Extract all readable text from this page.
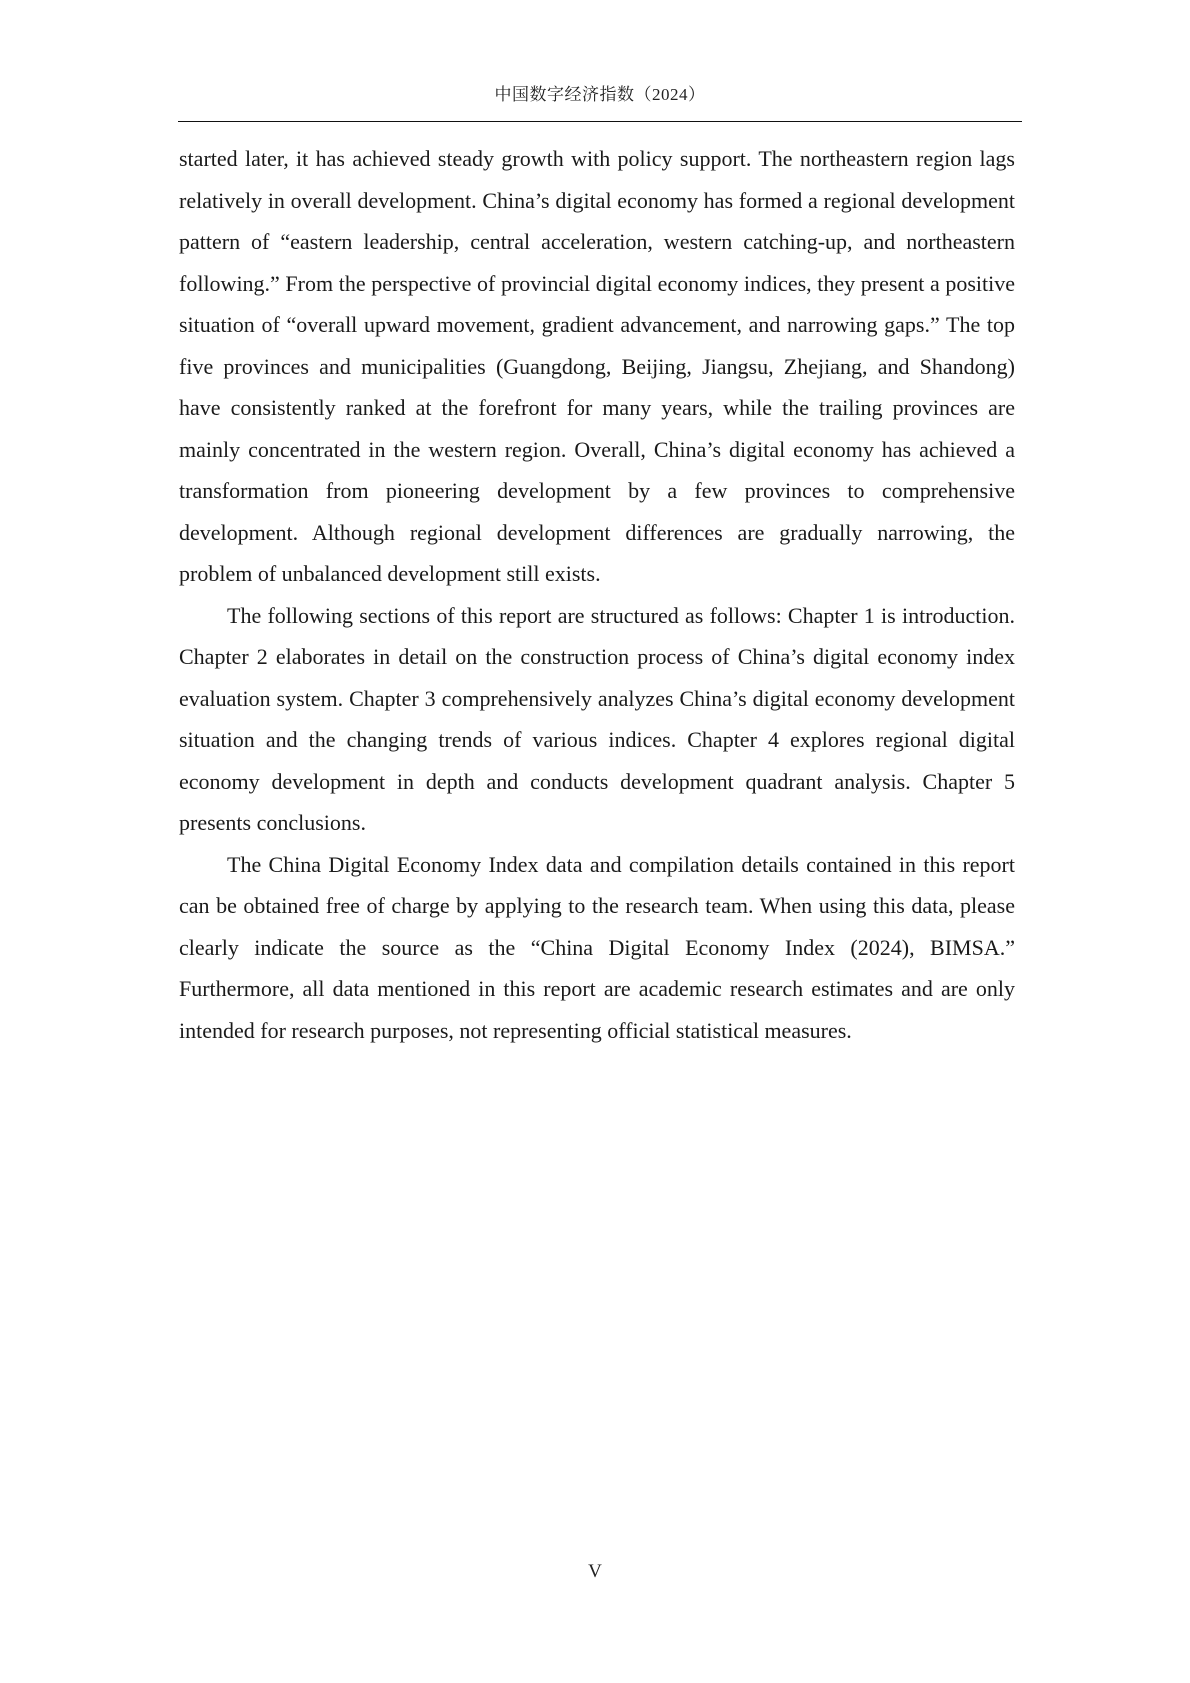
中国数字经济指数（2024）

started later, it has achieved steady growth with policy support. The northeastern region lags relatively in overall development. China’s digital economy has formed a regional development pattern of “eastern leadership, central acceleration, western catching-up, and northeastern following.” From the perspective of provincial digital economy indices, they present a positive situation of “overall upward movement, gradient advancement, and narrowing gaps.” The top five provinces and municipalities (Guangdong, Beijing, Jiangsu, Zhejiang, and Shandong) have consistently ranked at the forefront for many years, while the trailing provinces are mainly concentrated in the western region. Overall, China’s digital economy has achieved a transformation from pioneering development by a few provinces to comprehensive development. Although regional development differences are gradually narrowing, the problem of unbalanced development still exists.

The following sections of this report are structured as follows: Chapter 1 is introduction. Chapter 2 elaborates in detail on the construction process of China’s digital economy index evaluation system. Chapter 3 comprehensively analyzes China’s digital economy development situation and the changing trends of various indices. Chapter 4 explores regional digital economy development in depth and conducts development quadrant analysis. Chapter 5 presents conclusions.

The China Digital Economy Index data and compilation details contained in this report can be obtained free of charge by applying to the research team. When using this data, please clearly indicate the source as the “China Digital Economy Index (2024), BIMSA.” Furthermore, all data mentioned in this report are academic research estimates and are only intended for research purposes, not representing official statistical measures.

V
